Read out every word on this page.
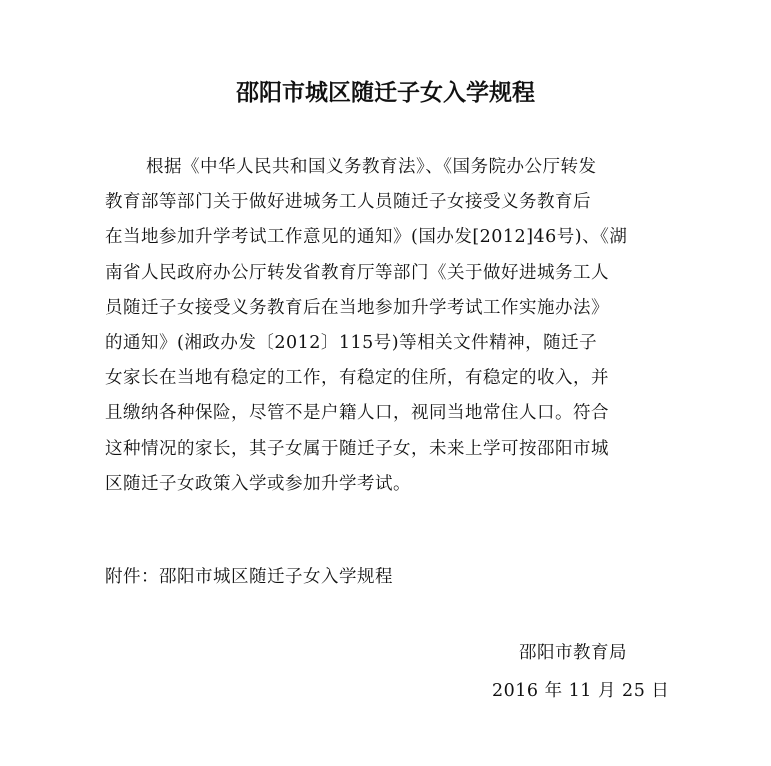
邵阳市城区随迁子女入学规程
根据《中华人民共和国义务教育法》、《国务院办公厅转发
教育部等部门关于做好进城务工人员随迁子女接受义务教育后
在当地参加升学考试工作意见的通知》(国办发[2012]46号)、《湖
南省人民政府办公厅转发省教育厅等部门《关于做好进城务工人
员随迁子女接受义务教育后在当地参加升学考试工作实施办法》
的通知》(湘政办发〔2012〕115号)等相关文件精神，随迁子
女家长在当地有稳定的工作，有稳定的住所，有稳定的收入，并
且缴纳各种保险，尽管不是户籍人口，视同当地常住人口。符合
这种情况的家长，其子女属于随迁子女，未来上学可按邵阳市城
区随迁子女政策入学或参加升学考试。
附件：邵阳市城区随迁子女入学规程
邵阳市教育局
2016 年 11 月 25 日
